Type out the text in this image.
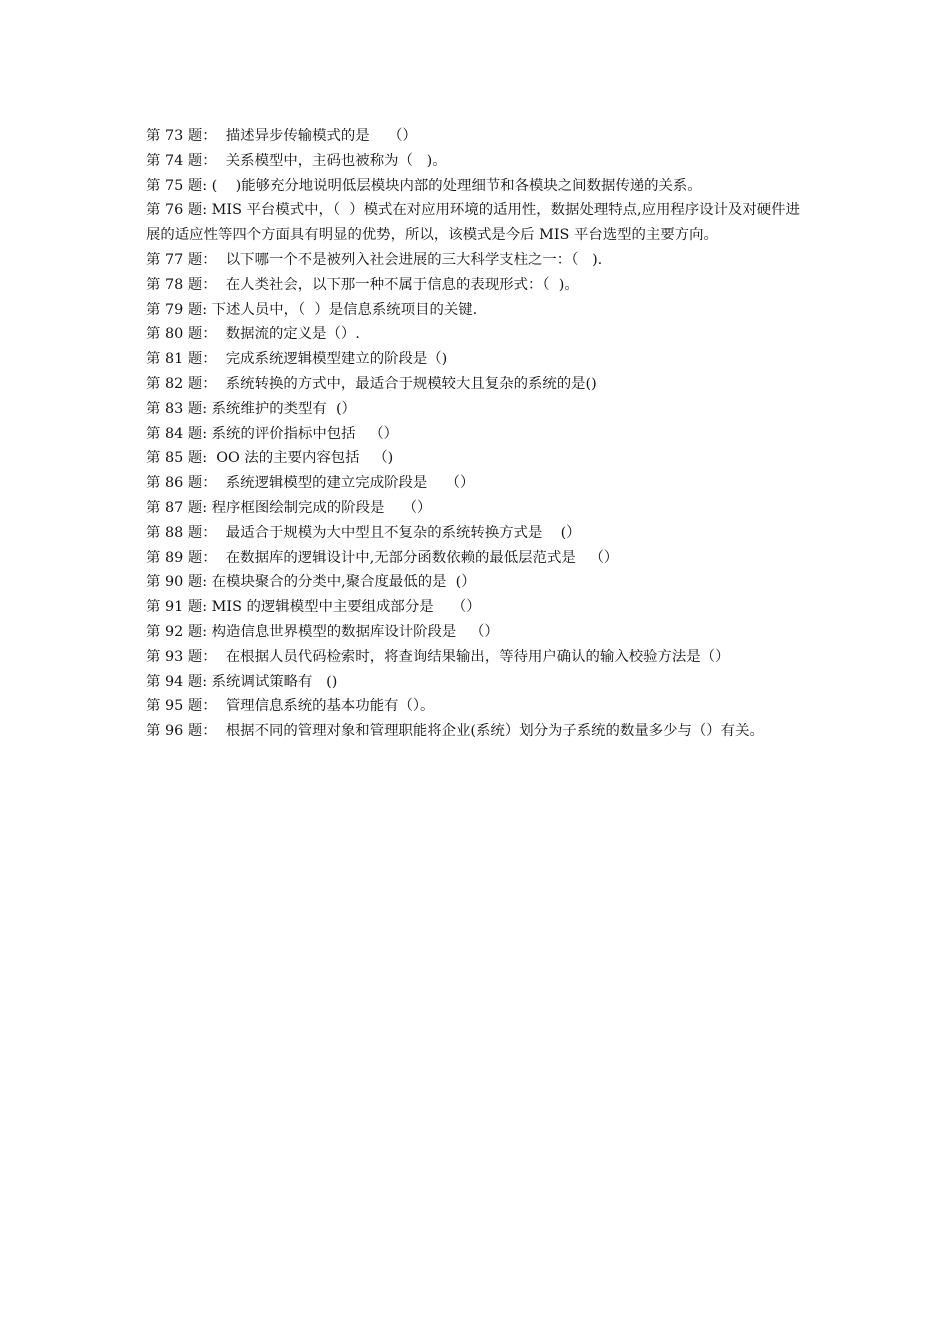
第 73 题：  描述异步传输模式的是    （）

第 74 题：  关系模型中，主码也被称为（   )。

第 75 题: (    )能够充分地说明低层模块内部的处理细节和各模块之间数据传递的关系。

第 76 题: MIS 平台模式中，（  ）模式在对应用环境的适用性，数据处理特点,应用程序设计及对硬件进展的适应性等四个方面具有明显的优势，所以，该模式是今后 MIS 平台选型的主要方向。

第 77 题：  以下哪一个不是被列入社会进展的三大科学支柱之一：（   ).

第 78 题：  在人类社会，以下那一种不属于信息的表现形式：（  )。

第 79 题: 下述人员中，（  ）是信息系统项目的关键.

第 80 题：  数据流的定义是（）.

第 81 题：  完成系统逻辑模型建立的阶段是（)

第 82 题：  系统转换的方式中，最适合于规模较大且复杂的系统的是()

第 83 题: 系统维护的类型有  (）

第 84 题: 系统的评价指标中包括   （）

第 85 题:  OO 法的主要内容包括   （)

第 86 题：  系统逻辑模型的建立完成阶段是    （）

第 87 题: 程序框图绘制完成的阶段是    （）

第 88 题：  最适合于规模为大中型且不复杂的系统转换方式是    (）

第 89 题：  在数据库的逻辑设计中,无部分函数依赖的最低层范式是   （）

第 90 题: 在模块聚合的分类中,聚合度最低的是  (）

第 91 题: MIS 的逻辑模型中主要组成部分是    （）

第 92 题: 构造信息世界模型的数据库设计阶段是   （）

第 93 题：  在根据人员代码检索时，将查询结果输出，等待用户确认的输入校验方法是（）

第 94 题: 系统调试策略有   ()

第 95 题：  管理信息系统的基本功能有（）。

第 96 题：  根据不同的管理对象和管理职能将企业(系统）划分为子系统的数量多少与（）有关。
